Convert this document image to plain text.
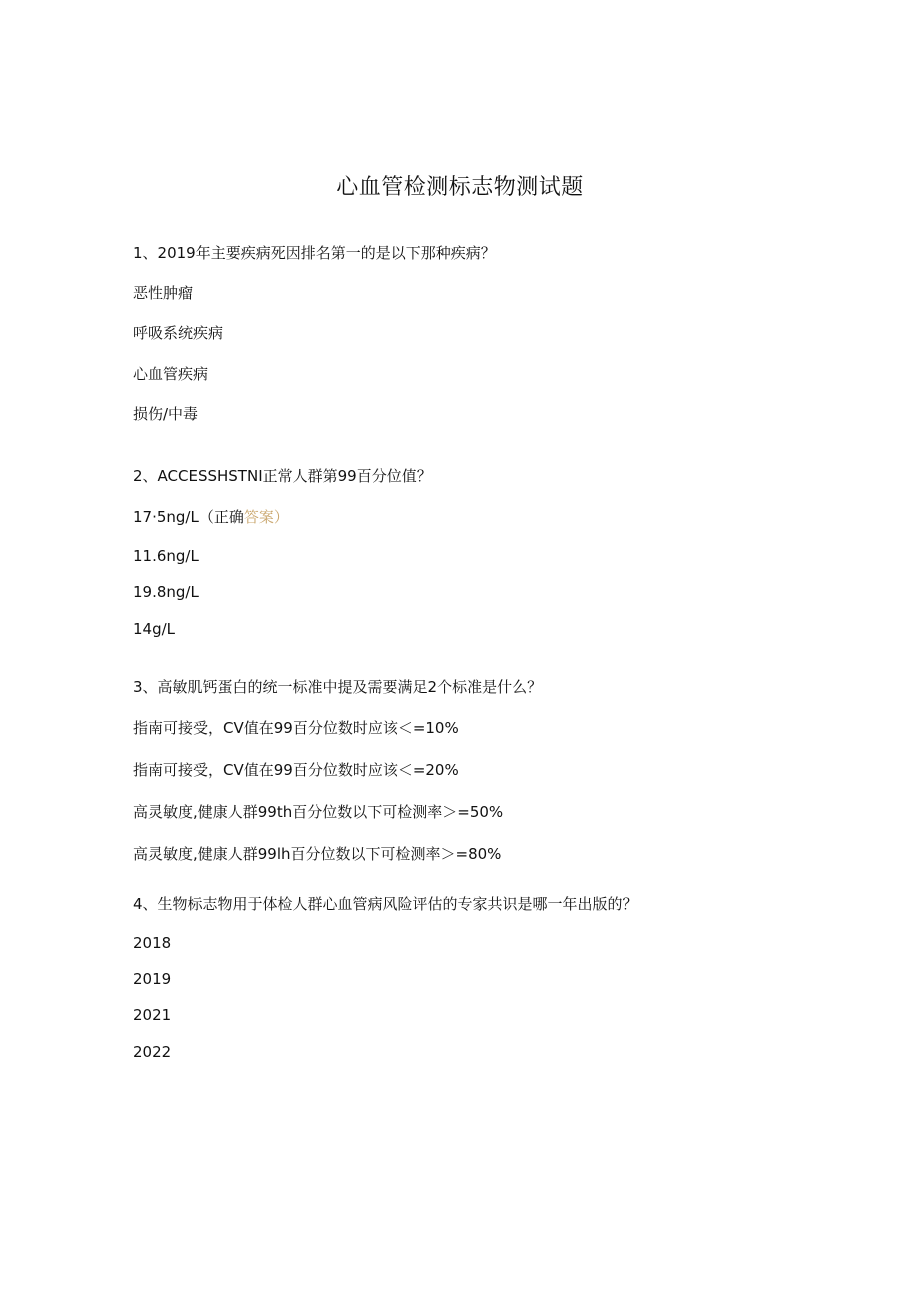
心血管检测标志物测试题
1、2019年主要疾病死因排名第一的是以下那种疾病？
恶性肿瘤
呼吸系统疾病
心血管疾病
损伤/中毒
2、ACCESSHSTNI正常人群第99百分位值？
17·5ng∕L（正确答案）
11.6ng∕L
19.8ng∕L
14g∕L
3、高敏肌钙蛋白的统一标准中提及需要满足2个标准是什么？
指南可接受，CV值在99百分位数时应该＜=10%
指南可接受，CV值在99百分位数时应该＜=20%
高灵敏度,健康人群99th百分位数以下可检测率＞=50%
高灵敏度,健康人群99lh百分位数以下可检测率＞=80%
4、生物标志物用于体检人群心血管病风险评估的专家共识是哪一年出版的？
2018
2019
2021
2022
